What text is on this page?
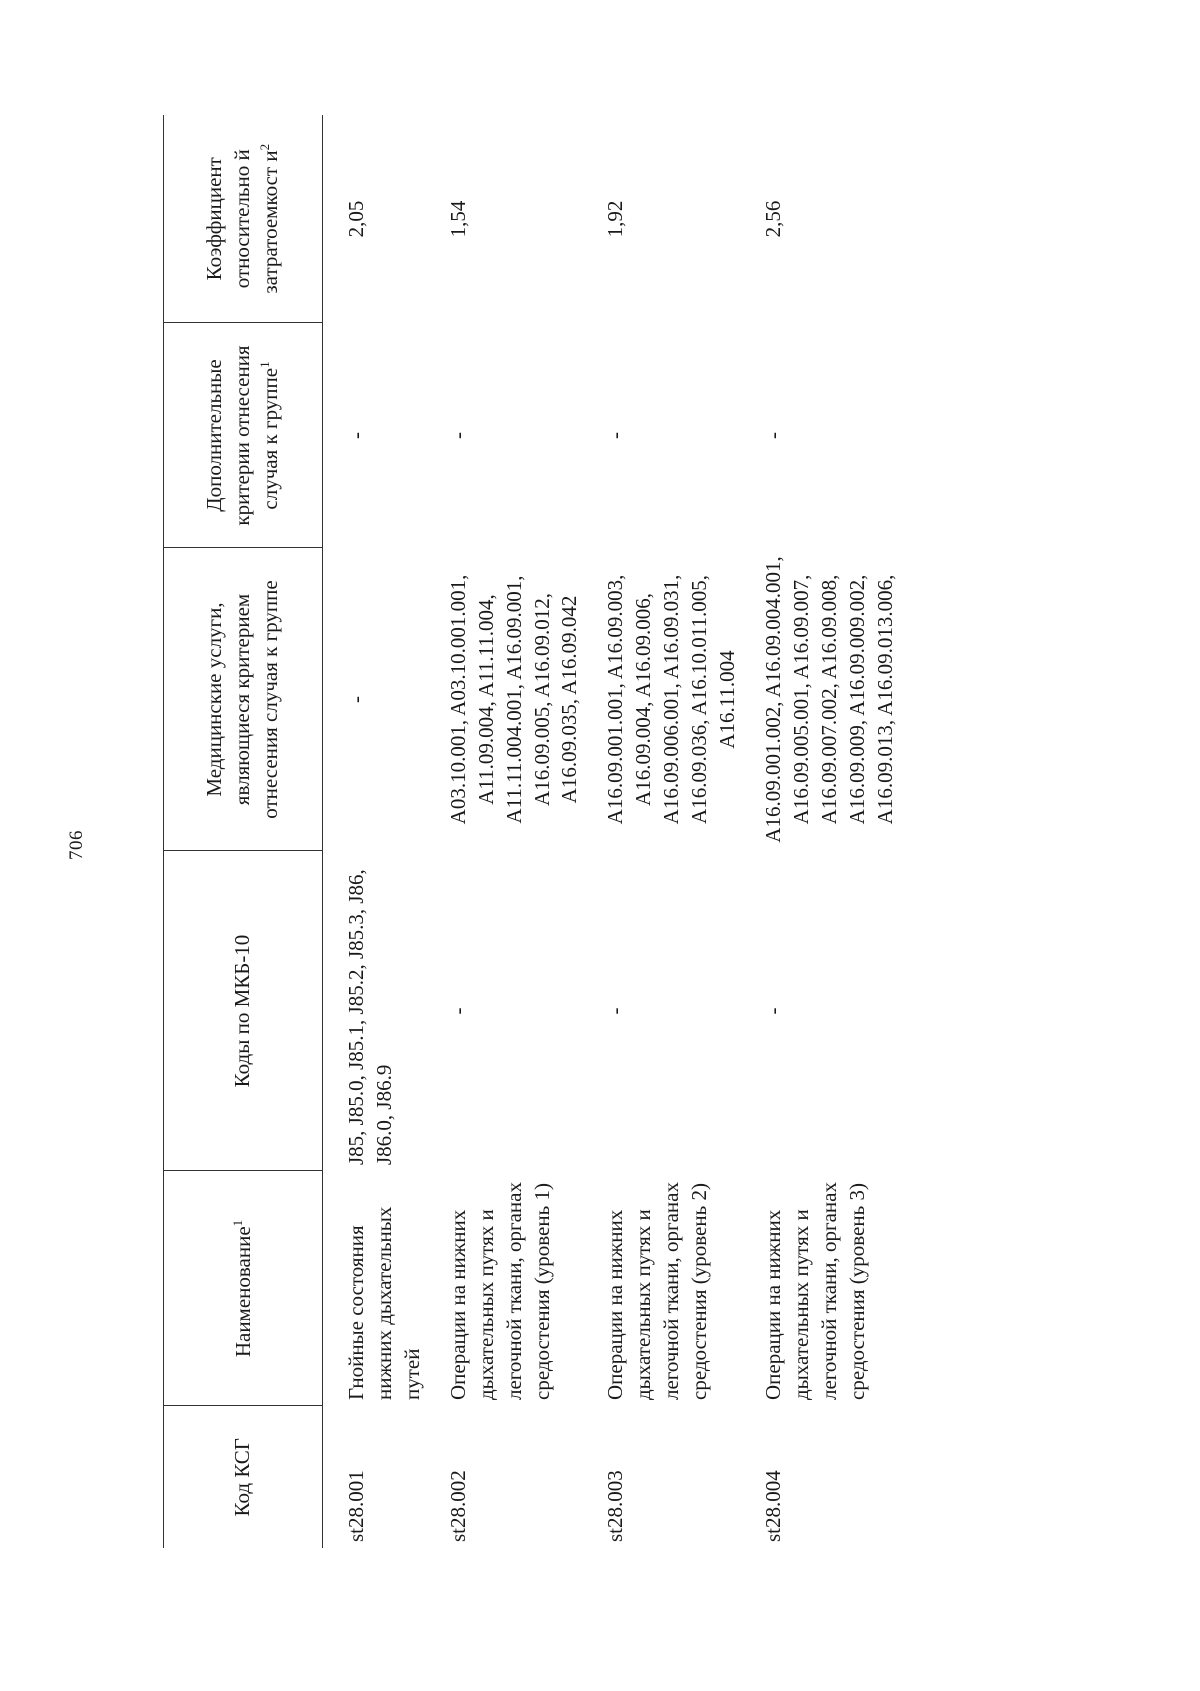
706
Код КСГ	Наименование$^1$	Коды по МКБ-10	Медицинские услуги, являющиеся критерием отнесения случая к группе	Дополнительные критерии отнесения случая к группе$^1$	Коэффициент относительно й затратоемкост $и^2$
st28.001	Гнойные состояния нижних дыхательных путей	J85, J85.0, J85.1, J85.2, J85.3, J86, J86.0, J86.9	-	-	2,05
st28.002	Операции на нижних дыхательных путях и легочной ткани, органах средостения (уровень 1)	-	A03.10.001, A03.10.001.001, A11.09.004, A11.11.004, A11.11.004.001, A16.09.001, A16.09.005, A16.09.012, A16.09.035, A16.09.042	-	1,54
st28.003	Операции на нижних дыхательных путях и легочной ткани, органах средостения (уровень 2)	-	A16.09.001.001, A16.09.003, A16.09.004, A16.09.006, A16.09.006.001, A16.09.031, A16.09.036, A16.10.011.005, A16.11.004	-	1,92
st28.004	Операции на нижних дыхательных путях и легочной ткани, органах средостения (уровень 3)	-	A16.09.001.002, A16.09.004.001, A16.09.005.001, A16.09.007, A16.09.007.002, A16.09.008, A16.09.009, A16.09.009.002, A16.09.013, A16.09.013.006,	-	2,56
